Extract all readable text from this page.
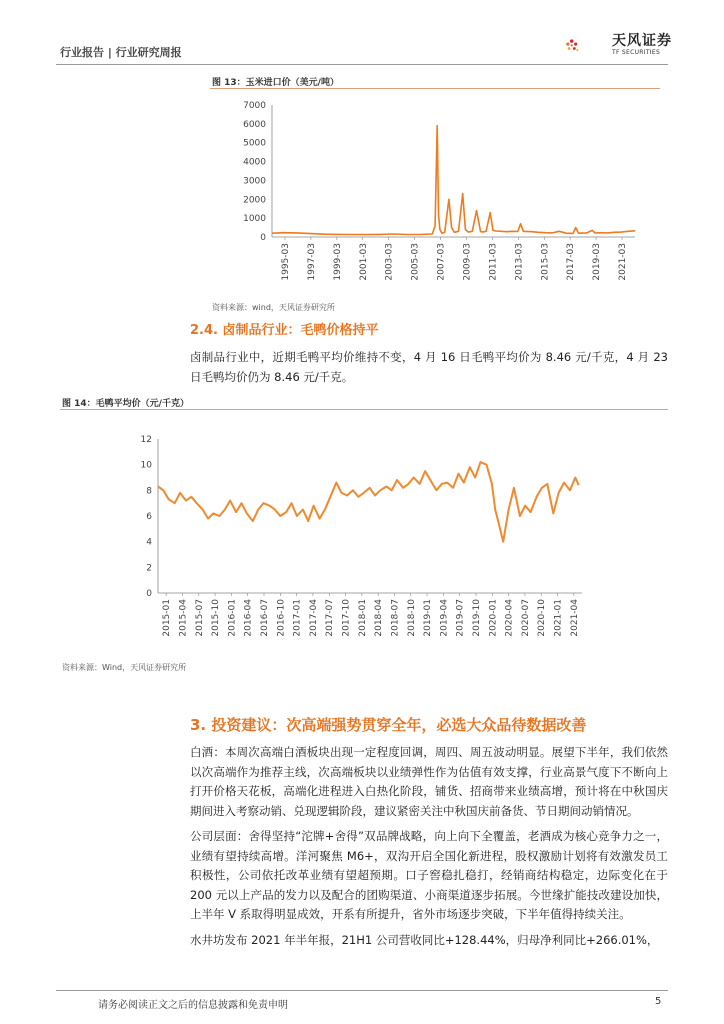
行业报告 | 行业研究周报
天风证券
TF SECURITIES
图 13：玉米进口价（美元/吨）
0
1000
2000
3000
4000
5000
6000
7000
1995-03 1997-03 1999-03 2001-03 2003-03 2005-03 2007-03 2009-03 2011-03 2013-03 2015-03 2017-03 2019-03 2021-03
资料来源：wind，天风证券研究所
2.4. 卤制品行业：毛鸭价格持平

卤制品行业中，近期毛鸭平均价维持不变，4 月 16 日毛鸭平均价为 8.46 元/千克，4 月 23 日毛鸭均价仍为 8.46 元/千克。

图 14：毛鸭平均价（元/千克）
0
2
4
6
8
10
12
2015-01 2015-04 2015-07 2015-10 2016-01 2016-04 2016-07 2016-10 2017-01 2017-04 2017-07 2017-10 2018-01 2018-04 2018-07 2018-10 2019-01 2019-04 2019-07 2019-10 2020-01 2020-04 2020-07 2020-10 2021-01 2021-04
资料来源：Wind，天风证券研究所
3. 投资建议：次高端强势贯穿全年，必选大众品待数据改善

白酒：本周次高端白酒板块出现一定程度回调，周四、周五波动明显。展望下半年，我们依然以次高端作为推荐主线，次高端板块以业绩弹性作为估值有效支撑，行业高景气度下不断向上打开价格天花板，高端化进程进入白热化阶段，铺货、招商带来业绩高增，预计将在中秋国庆期间进入考察动销、兑现逻辑阶段，建议紧密关注中秋国庆前备货、节日期间动销情况。

公司层面：舍得坚持“沱牌+舍得”双品牌战略，向上向下全覆盖，老酒成为核心竞争力之一，业绩有望持续高增。洋河聚焦 M6+，双沟开启全国化新进程，股权激励计划将有效激发员工积极性，公司依托改革业绩有望超预期。口子窖稳扎稳打，经销商结构稳定，边际变化在于 200 元以上产品的发力以及配合的团购渠道、小商渠道逐步拓展。今世缘扩能技改建设加快，上半年 V 系取得明显成效，开系有所提升，省外市场逐步突破，下半年值得持续关注。

水井坊发布 2021 年半年报，21H1 公司营收同比+128.44%，归母净利同比+266.01%，

请务必阅读正文之后的信息披露和免责申明	5
